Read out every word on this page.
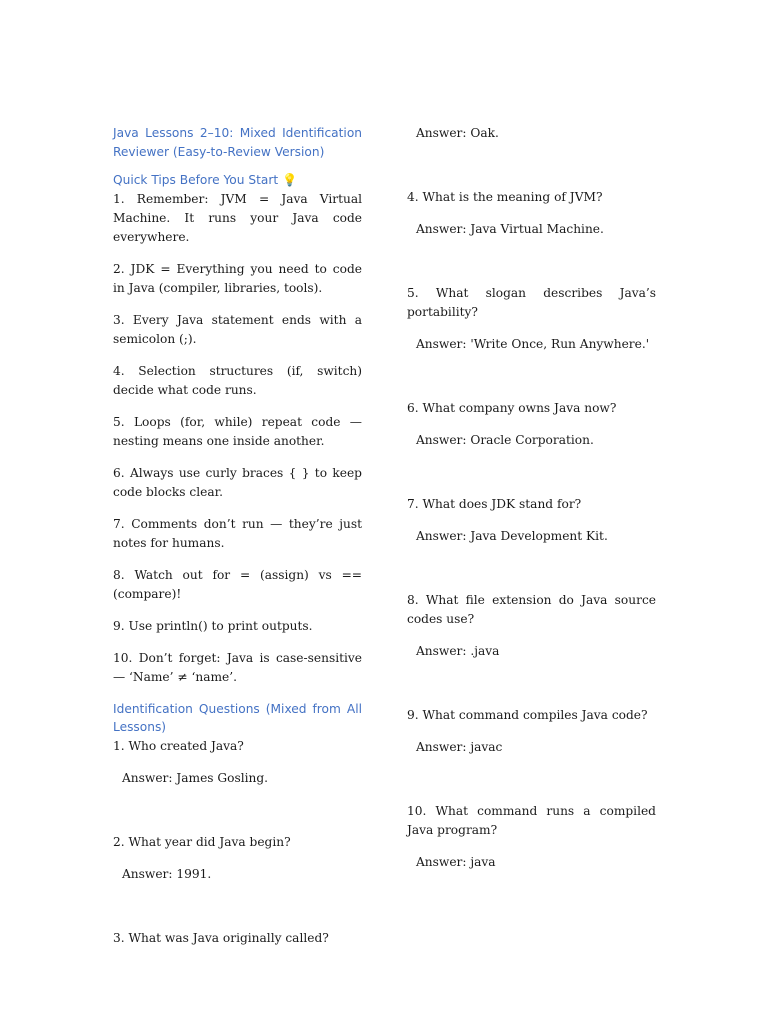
Java Lessons 2–10: Mixed Identification Reviewer (Easy-to-Review Version)
Quick Tips Before You Start 💡

1. Remember: JVM = Java Virtual Machine. It runs your Java code everywhere.

2. JDK = Everything you need to code in Java (compiler, libraries, tools).

3. Every Java statement ends with a semicolon (;).

4. Selection structures (if, switch) decide what code runs.

5. Loops (for, while) repeat code — nesting means one inside another.

6. Always use curly braces { } to keep code blocks clear.

7. Comments don’t run — they’re just notes for humans.

8. Watch out for = (assign) vs == (compare)!

9. Use println() to print outputs.

10. Don’t forget: Java is case-sensitive — ‘Name’ ≠ ‘name’.

Identification Questions (Mixed from All Lessons)

1. Who created Java?

Answer: James Gosling.

2. What year did Java begin?

Answer: 1991.

3. What was Java originally called?

Answer: Oak.

4. What is the meaning of JVM?

Answer: Java Virtual Machine.

5. What slogan describes Java’s portability?

Answer: 'Write Once, Run Anywhere.'

6. What company owns Java now?

Answer: Oracle Corporation.

7. What does JDK stand for?

Answer: Java Development Kit.

8. What file extension do Java source codes use?

Answer: .java

9. What command compiles Java code?

Answer: javac

10. What command runs a compiled Java program?

Answer: java
